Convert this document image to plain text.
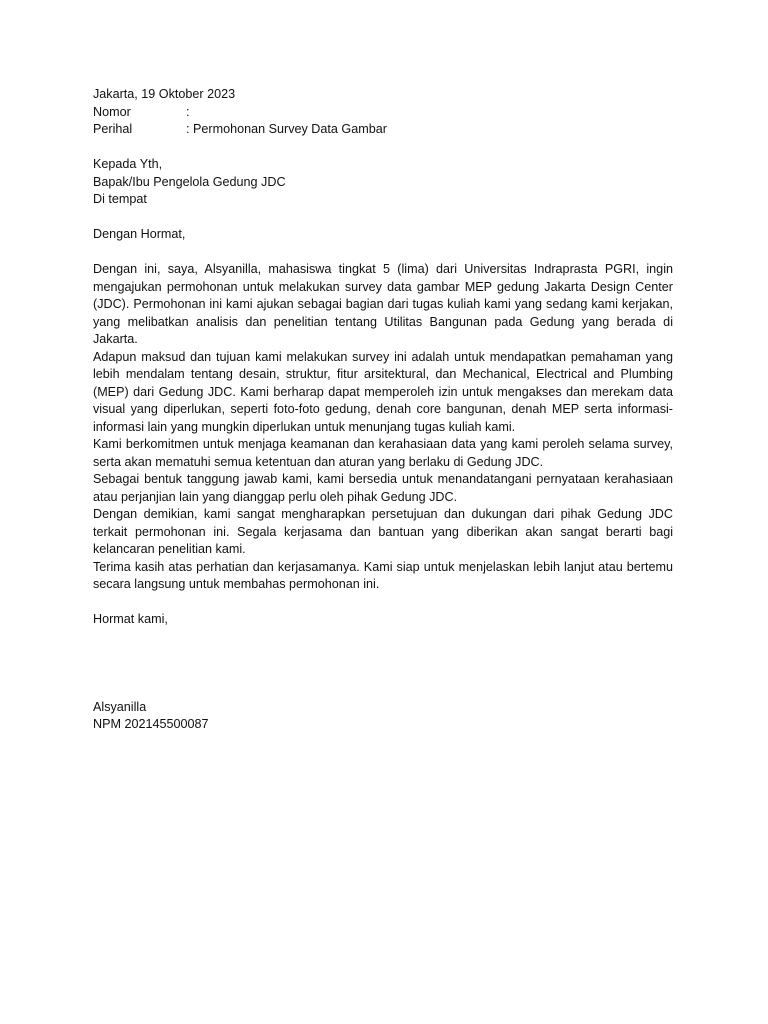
Jakarta, 19 Oktober 2023
Nomor	:
Perihal	: Permohonan Survey Data Gambar
Kepada Yth,
Bapak/Ibu Pengelola Gedung JDC
Di tempat
Dengan Hormat,

Dengan ini, saya, Alsyanilla, mahasiswa tingkat 5 (lima) dari Universitas Indraprasta PGRI, ingin mengajukan permohonan untuk melakukan survey data gambar MEP gedung Jakarta Design Center (JDC). Permohonan ini kami ajukan sebagai bagian dari tugas kuliah kami yang sedang kami kerjakan, yang melibatkan analisis dan penelitian tentang Utilitas Bangunan pada Gedung yang berada di Jakarta.

Adapun maksud dan tujuan kami melakukan survey ini adalah untuk mendapatkan pemahaman yang lebih mendalam tentang desain, struktur, fitur arsitektural, dan Mechanical, Electrical and Plumbing (MEP) dari Gedung JDC. Kami berharap dapat memperoleh izin untuk mengakses dan merekam data visual yang diperlukan, seperti foto-foto gedung, denah core bangunan, denah MEP serta informasi-informasi lain yang mungkin diperlukan untuk menunjang tugas kuliah kami.

Kami berkomitmen untuk menjaga keamanan dan kerahasiaan data yang kami peroleh selama survey, serta akan mematuhi semua ketentuan dan aturan yang berlaku di Gedung JDC.

Sebagai bentuk tanggung jawab kami, kami bersedia untuk menandatangani pernyataan kerahasiaan atau perjanjian lain yang dianggap perlu oleh pihak Gedung JDC.

Dengan demikian, kami sangat mengharapkan persetujuan dan dukungan dari pihak Gedung JDC terkait permohonan ini. Segala kerjasama dan bantuan yang diberikan akan sangat berarti bagi kelancaran penelitian kami.

Terima kasih atas perhatian dan kerjasamanya. Kami siap untuk menjelaskan lebih lanjut atau bertemu secara langsung untuk membahas permohonan ini.

Hormat kami,
Alsyanilla
NPM 202145500087
